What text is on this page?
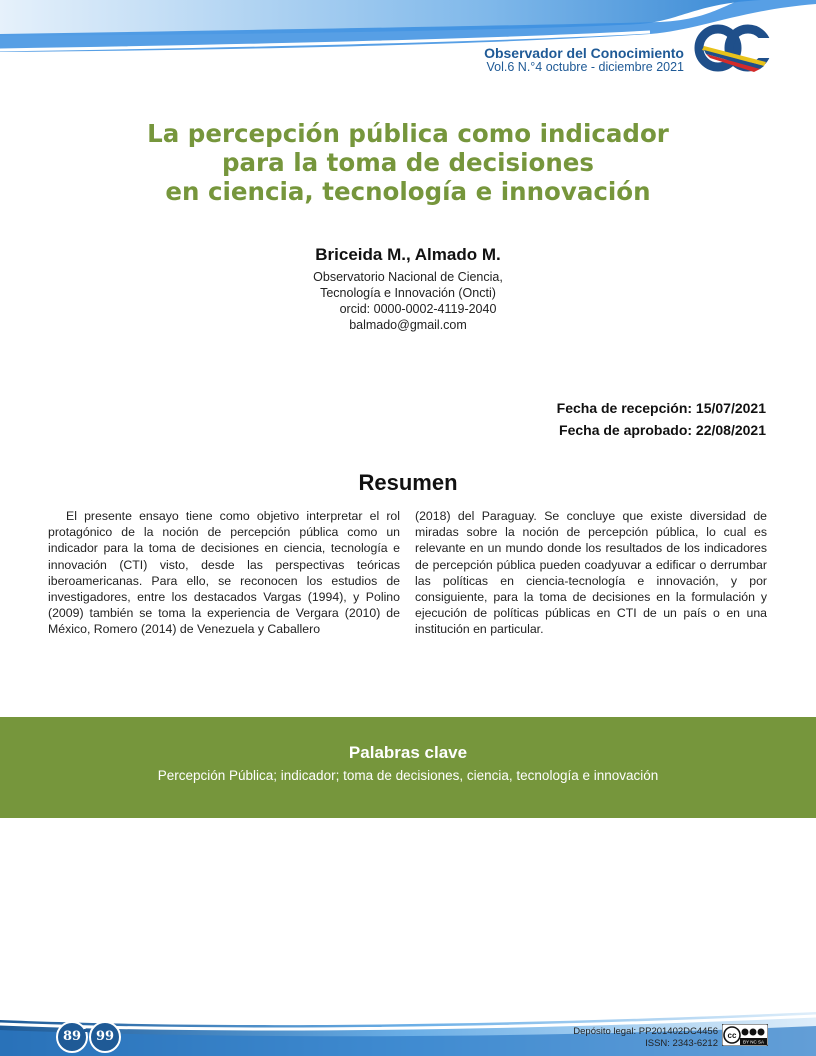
Observador del Conocimiento
Vol.6 N.°4 octubre - diciembre 2021
La percepción pública como indicador
para la toma de decisiones
en ciencia, tecnología e innovación
Briceida M., Almado M.
Observatorio Nacional de Ciencia,
Tecnología e Innovación (Oncti)
orcid: 0000-0002-4119-2040
balmado@gmail.com
Fecha de recepción: 15/07/2021
Fecha de aprobado: 22/08/2021
Resumen

El presente ensayo tiene como objetivo interpretar el rol protagónico de la noción de percepción pública como un indicador para la toma de decisiones en ciencia, tecnología e innovación (CTI) visto, desde las perspectivas teóricas iberoamericanas. Para ello, se reconocen los estudios de investigadores, entre los destacados Vargas (1994), y Polino (2009) también se toma la experiencia de Vergara (2010) de México, Romero (2014) de Venezuela y Caballero

(2018) del Paraguay. Se concluye que existe diversidad de miradas sobre la noción de percepción pública, lo cual es relevante en un mundo donde los resultados de los indicadores de percepción pública pueden coadyuvar a edificar o derrumbar las políticas en ciencia-tecnología e innovación, y por consiguiente, para la toma de decisiones en la formulación y ejecución de políticas públicas en CTI de un país o en una institución en particular.

Palabras clave
Percepción Pública; indicador; toma de decisiones, ciencia, tecnología e innovación
89	99	Depósito legal: PP201402DC4456
ISSN: 2343-6212
cc
BY NC SA
